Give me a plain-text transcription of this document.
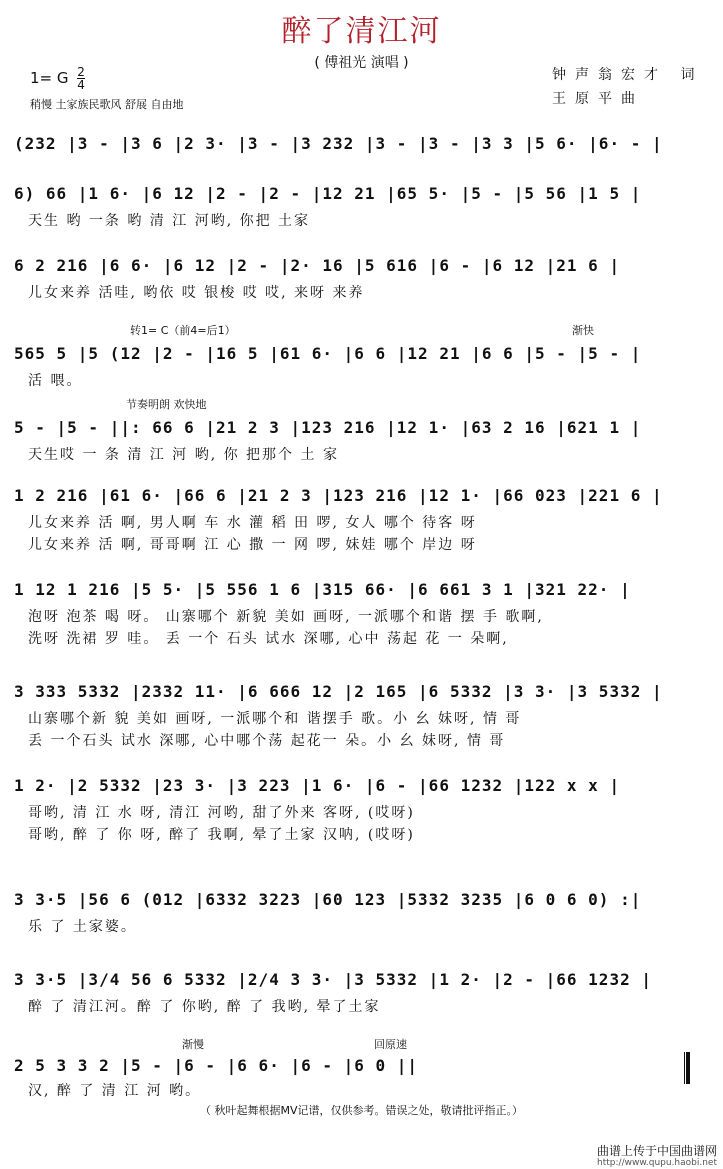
醉了清江河
( 傅祖光 演唱 )
1= G $\frac{2}{4}$
稍慢 土家族民歌风 舒展 自由地
钟声翁宏才 词
王原平曲
(232 |3 - |3 6 |2 3· |3 - |3 232 |3 - |3 - |3 3 |5 6· |6· - |
6) 66 |1 6· |6 12 |2 - |2 - |12 21 |65 5· |5 - |5 56 |1 5 |
天生 哟 一条 哟 清 江 河哟, 你把 土家
6 2 216 |6 6· |6 12 |2 - |2· 16 |5 616 |6 - |6 12 |21 6 |
儿女来养 活哇, 哟依 哎 银梭 哎 哎, 来呀 来养
转1= C（前4=后1̇）	渐快
565 5 |5 (12 |2 - |16 5 |61 6· |6 6 |12 21 |6 6 |5 - |5 - |
活 喂。
节奏明朗 欢快地
5 - |5 - ||: 66 6 |21 2 3 |123 216 |12 1· |63 2 16 |621 1 |
天生哎 一 条 清 江 河 哟, 你 把那个 土 家
1 2 216 |61 6· |66 6 |21 2 3 |123 216 |12 1· |66 023 |221 6 |
儿女来养 活 啊, 男人啊 车 水 灌 稻 田 啰, 女人 哪个 待客 呀
儿女来养 活 啊, 哥哥啊 江 心 撒 一 网 啰, 妹娃 哪个 岸边 呀
1 12 1 216 |5 5· |5 556 1 6 |315 66· |6 661 3 1 |321 22· |
泡呀 泡茶 喝 呀。 山寨哪个 新貌 美如 画呀, 一派哪个和谐 摆 手 歌啊,
洗呀 洗裙 罗 哇。 丢 一个 石头 试水 深哪, 心中 荡起 花 一 朵啊,
3 333 5332 |2332 11· |6 666 12 |2 165 |6 5332 |3 3· |3 5332 |
山寨哪个新 貌 美如 画呀, 一派哪个和 谐摆手 歌。小 幺 妹呀, 情 哥
丢 一个石头 试水 深哪, 心中哪个荡 起花一 朵。小 幺 妹呀, 情 哥
1 2· |2 5332 |23 3· |3 223 |1 6· |6 - |66 1232 |122 x x |
哥哟, 清 江 水 呀, 清江 河哟, 甜了外来 客呀, (哎呀)
哥哟, 醉 了 你 呀, 醉了 我啊, 晕了土家 汉呐, (哎呀)
3 3·5 |56 6 (012 |6332 3223 |60 123 |5332 3235 |6 0 6 0) :|
乐 了 土家婆。
3 3·5 |3/4 56 6 5332 |2/4 3 3· |3 5332 |1 2· |2 - |66 1232 |
醉 了 清江河。醉 了 你哟, 醉 了 我哟, 晕了土家
渐慢	回原速
2 5 3 3 2 |5 - |6 - |6 6· |6 - |6 0 ||
汉, 醉 了 清 江 河 哟。
（ 秋叶起舞根据MV记谱，仅供参考。错误之处，敬请批评指正。）
曲谱上传于中国曲谱网
http://www.qupu.haobi.net
